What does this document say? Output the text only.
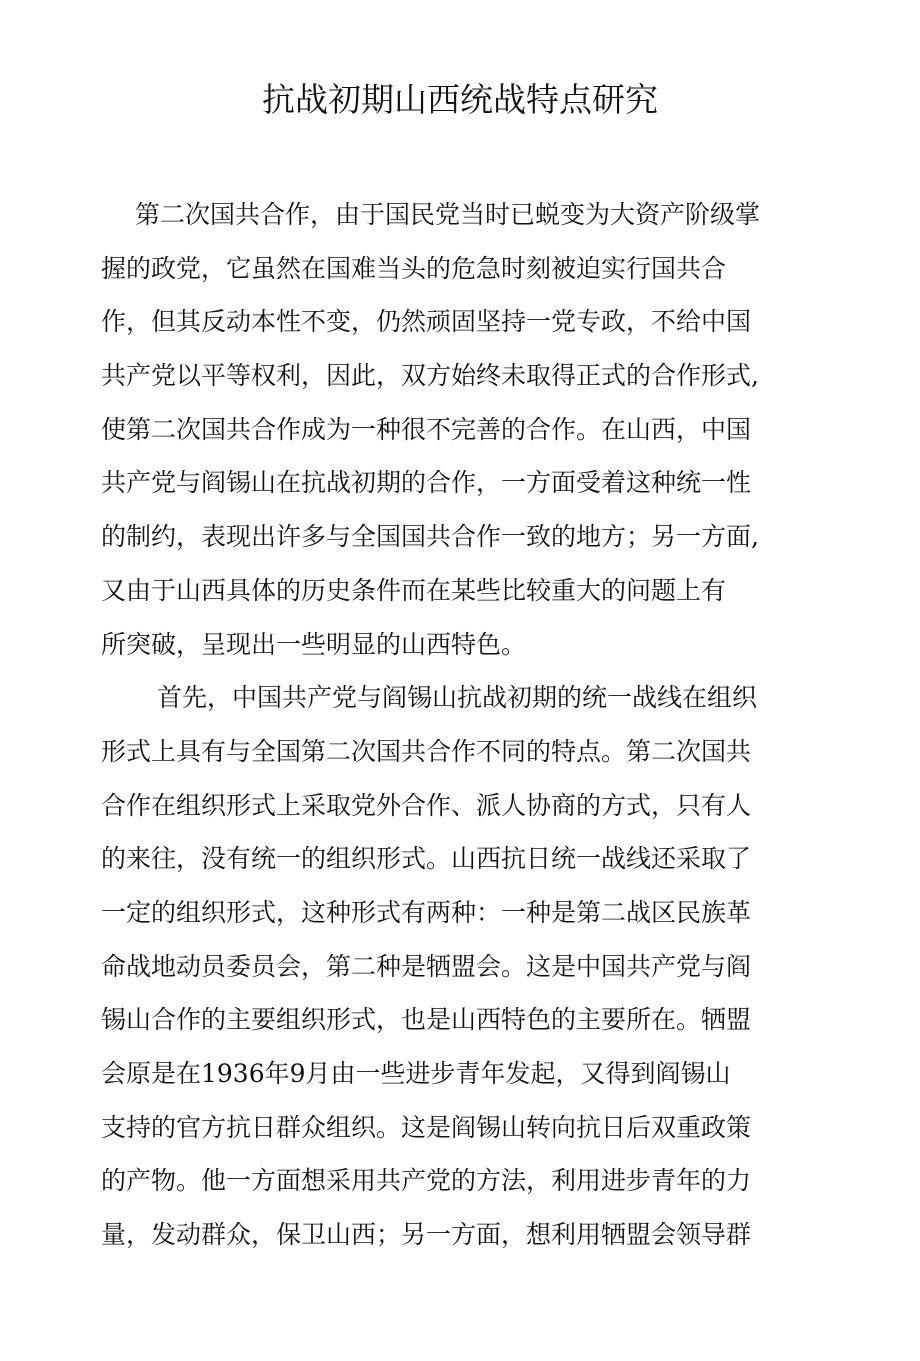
抗战初期山西统战特点研究
第二次国共合作，由于国民党当时已蜕变为大资产阶级掌
握的政党，它虽然在国难当头的危急时刻被迫实行国共合
作，但其反动本性不变，仍然顽固坚持一党专政，不给中国
共产党以平等权利，因此，双方始终未取得正式的合作形式,
使第二次国共合作成为一种很不完善的合作。在山西，中国
共产党与阎锡山在抗战初期的合作，一方面受着这种统一性
的制约，表现出许多与全国国共合作一致的地方；另一方面,
又由于山西具体的历史条件而在某些比较重大的问题上有
所突破，呈现出一些明显的山西特色。
首先，中国共产党与阎锡山抗战初期的统一战线在组织
形式上具有与全国第二次国共合作不同的特点。第二次国共
合作在组织形式上采取党外合作、派人协商的方式，只有人
的来往，没有统一的组织形式。山西抗日统一战线还采取了
一定的组织形式，这种形式有两种：一种是第二战区民族革
命战地动员委员会，第二种是牺盟会。这是中国共产党与阎
锡山合作的主要组织形式，也是山西特色的主要所在。牺盟
会原是在1936年9月由一些进步青年发起，又得到阎锡山
支持的官方抗日群众组织。这是阎锡山转向抗日后双重政策
的产物。他一方面想采用共产党的方法，利用进步青年的力
量，发动群众，保卫山西；另一方面，想利用牺盟会领导群
